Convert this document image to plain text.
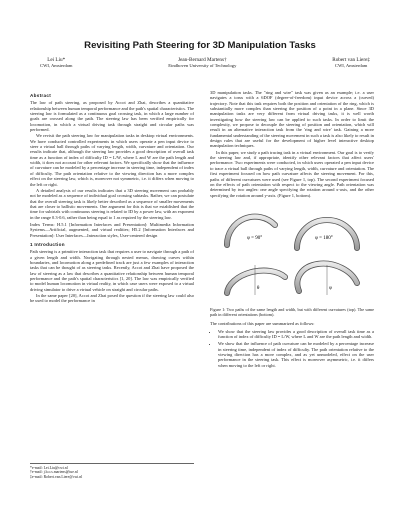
Revisiting Path Steering for 3D Manipulation Tasks
Lei Liu*
CWI, Amsterdam
Jean-Bernard Martens†
Eindhoven University of Technology
Robert van Liere‡
CWI, Amsterdam
Abstract

The law of path steering, as proposed by Accot and Zhai, describes a quantitative relationship between human temporal performance and the path's spatial characteristics. The steering law is formulated as a continuous goal crossing task, in which a large number of goals are crossed along the path. The steering law has been verified empirically for locomotion, in which a virtual driving task through straight and circular paths was performed.

We revisit the path steering law for manipulation tasks in desktop virtual environments. We have conducted controlled experiments in which users operate a pen input device to steer a virtual ball through paths of varying length, width, curvature and orientation. Our results indicate that, although the steering law provides a good description of overall task time as a function of index of difficulty ID = L/W, where L and W are the path length and width, it does not account for other relevant factors. We specifically show that the influence of curvature can be modeled by a percentage increase in steering time, independent of index of difficulty. The path orientation relative to the viewing direction has a more complex effect on the steering law, which is, moreover not symmetric, i.e. it differs when moving to the left or right.

A detailed analysis of our results indicates that a 3D steering movement can probably not be modeled as a sequence of individual goal crossing subtasks. Rather, we can postulate that the overall steering task is likely better described as a sequence of smaller movements that are closer to ballistic movements. One argument for this is that we established that the time for subtrials with continuous steering is related to ID by a power law, with an exponent in the range 0.3-0.6, rather than being equal to 1 as required by the steering law.

Index Terms: H.5.1 [Information Interfaces and Presentation]: Multimedia Information Systems—Artificial, augmented, and virtual realities; H5.2 [Information Interfaces and Presentation]: User Interfaces—Interaction styles, User-centered design

1 Introduction

Path steering is a primitive interaction task that requires a user to navigate through a path of a given length and width. Navigating through nested menus, drawing curves within boundaries, and locomotion along a predefined track are just a few examples of interaction tasks that can be thought of as steering tasks. Recently, Accot and Zhai have proposed the law of steering as a law that describes a quantitative relationship between human temporal performance and the path's spatial characteristics [1, 20]. The law was empirically verified to model human locomotion in virtual reality, in which case users were exposed to a virtual driving simulator to drive a virtual vehicle on straight and circular paths.

In the same paper [20], Accot and Zhai posed the question if the steering law could also be used to model the performance in

*e-mail: Lei.Liu@cwi.nl
†e-mail: j.b.o.s.martens@tue.nl
‡e-mail: Robert.van.Liere@cwi.nl

3D manipulation tasks. The "ring and wire" task was given as an example; i.e. a user navigates a torus with a 6DOF (degree-of-freedom) input device across a (curved) trajectory. Note that this task requires both the position and orientation of the ring, which is substantially more complex than steering the position of a point in a plane. Since 3D manipulation tasks are very different from virtual driving tasks, it is well worth investigating how the steering law can be applied to such tasks. In order to limit the complexity, we propose to decouple the steering of position and orientation, which will result in an alternative interaction task from the 'ring and wire' task. Gaining a more fundamental understanding of the steering movement in such a task is also likely to result in design rules that are useful for the development of higher level interactive desktop manipulation techniques.

In this paper, we study a path tracing task in a virtual environment. Our goal is to verify the steering law and, if appropriate, identify other relevant factors that affect users' performance. Two experiments were conducted, in which users operated a pen input device to trace a virtual ball through paths of varying length, width, curvature and orientation. The first experiment focused on how path curvature affects the steering movement. For this, paths of different curvatures were used (see Figure 1, top). The second experiment focused on the effects of path orientation with respect to the viewing angle. Path orientation was determined by two angles: one angle specifying the rotation around x-axis, and the other specifying the rotation around y-axis. (Figure 1, bottom).

φ = 90°	φ = 180°
θ	φ
Figure 1: Two paths of the same length and width, but with different curvatures (top). The same path in different orientations (bottom).

The contributions of this paper are summarized as follows:

• We show that the steering law provides a good description of overall task time as a function of index of difficulty ID = L/W, where L and W are the path length and width.
• We show that the influence of path curvature can be modeled by a percentage increase in steering time, independent of index of difficulty. The path orientation relative to the viewing direction has a more complex, and as yet unmodeled, effect on the user performance in the steering task. This effect is moreover asymmetric, i.e. it differs when moving to the left or right.
